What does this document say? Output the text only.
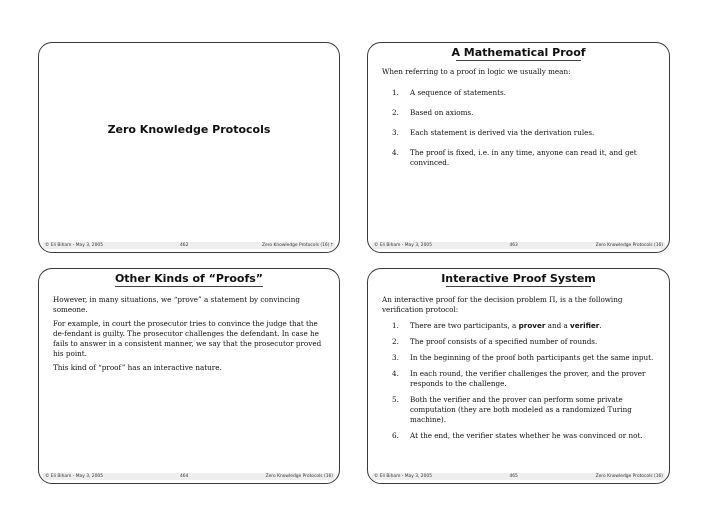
Zero Knowledge Protocols
© Eli Biham - May 3, 2005	462	Zero Knowledge Protocols (16) †
A Mathematical Proof
When referring to a proof in logic we usually mean:
1.	A sequence of statements.
2.	Based on axioms.
3.	Each statement is derived via the derivation rules.
4.	The proof is fixed, i.e. in any time, anyone can read it, and get convinced.
© Eli Biham - May 3, 2005	463	Zero Knowledge Protocols (16)
Other Kinds of “Proofs”
However, in many situations, we “prove” a statement by convincing someone.
For example, in court the prosecutor tries to convince the judge that the de-fendant is guilty. The prosecutor challenges the defendant. In case he fails to answer in a consistent manner, we say that the prosecutor proved his point.
This kind of “proof” has an interactive nature.
© Eli Biham - May 3, 2005	464	Zero Knowledge Protocols (16)
Interactive Proof System
An interactive proof for the decision problem Π, is a the following verification protocol:
1.	There are two participants, a prover and a verifier.
2.	The proof consists of a specified number of rounds.
3.	In the beginning of the proof both participants get the same input.
4.	In each round, the verifier challenges the prover, and the prover responds to the challenge.
5.	Both the verifier and the prover can perform some private computation (they are both modeled as a randomized Turing machine).
6.	At the end, the verifier states whether he was convinced or not.
© Eli Biham - May 3, 2005	465	Zero Knowledge Protocols (16)
